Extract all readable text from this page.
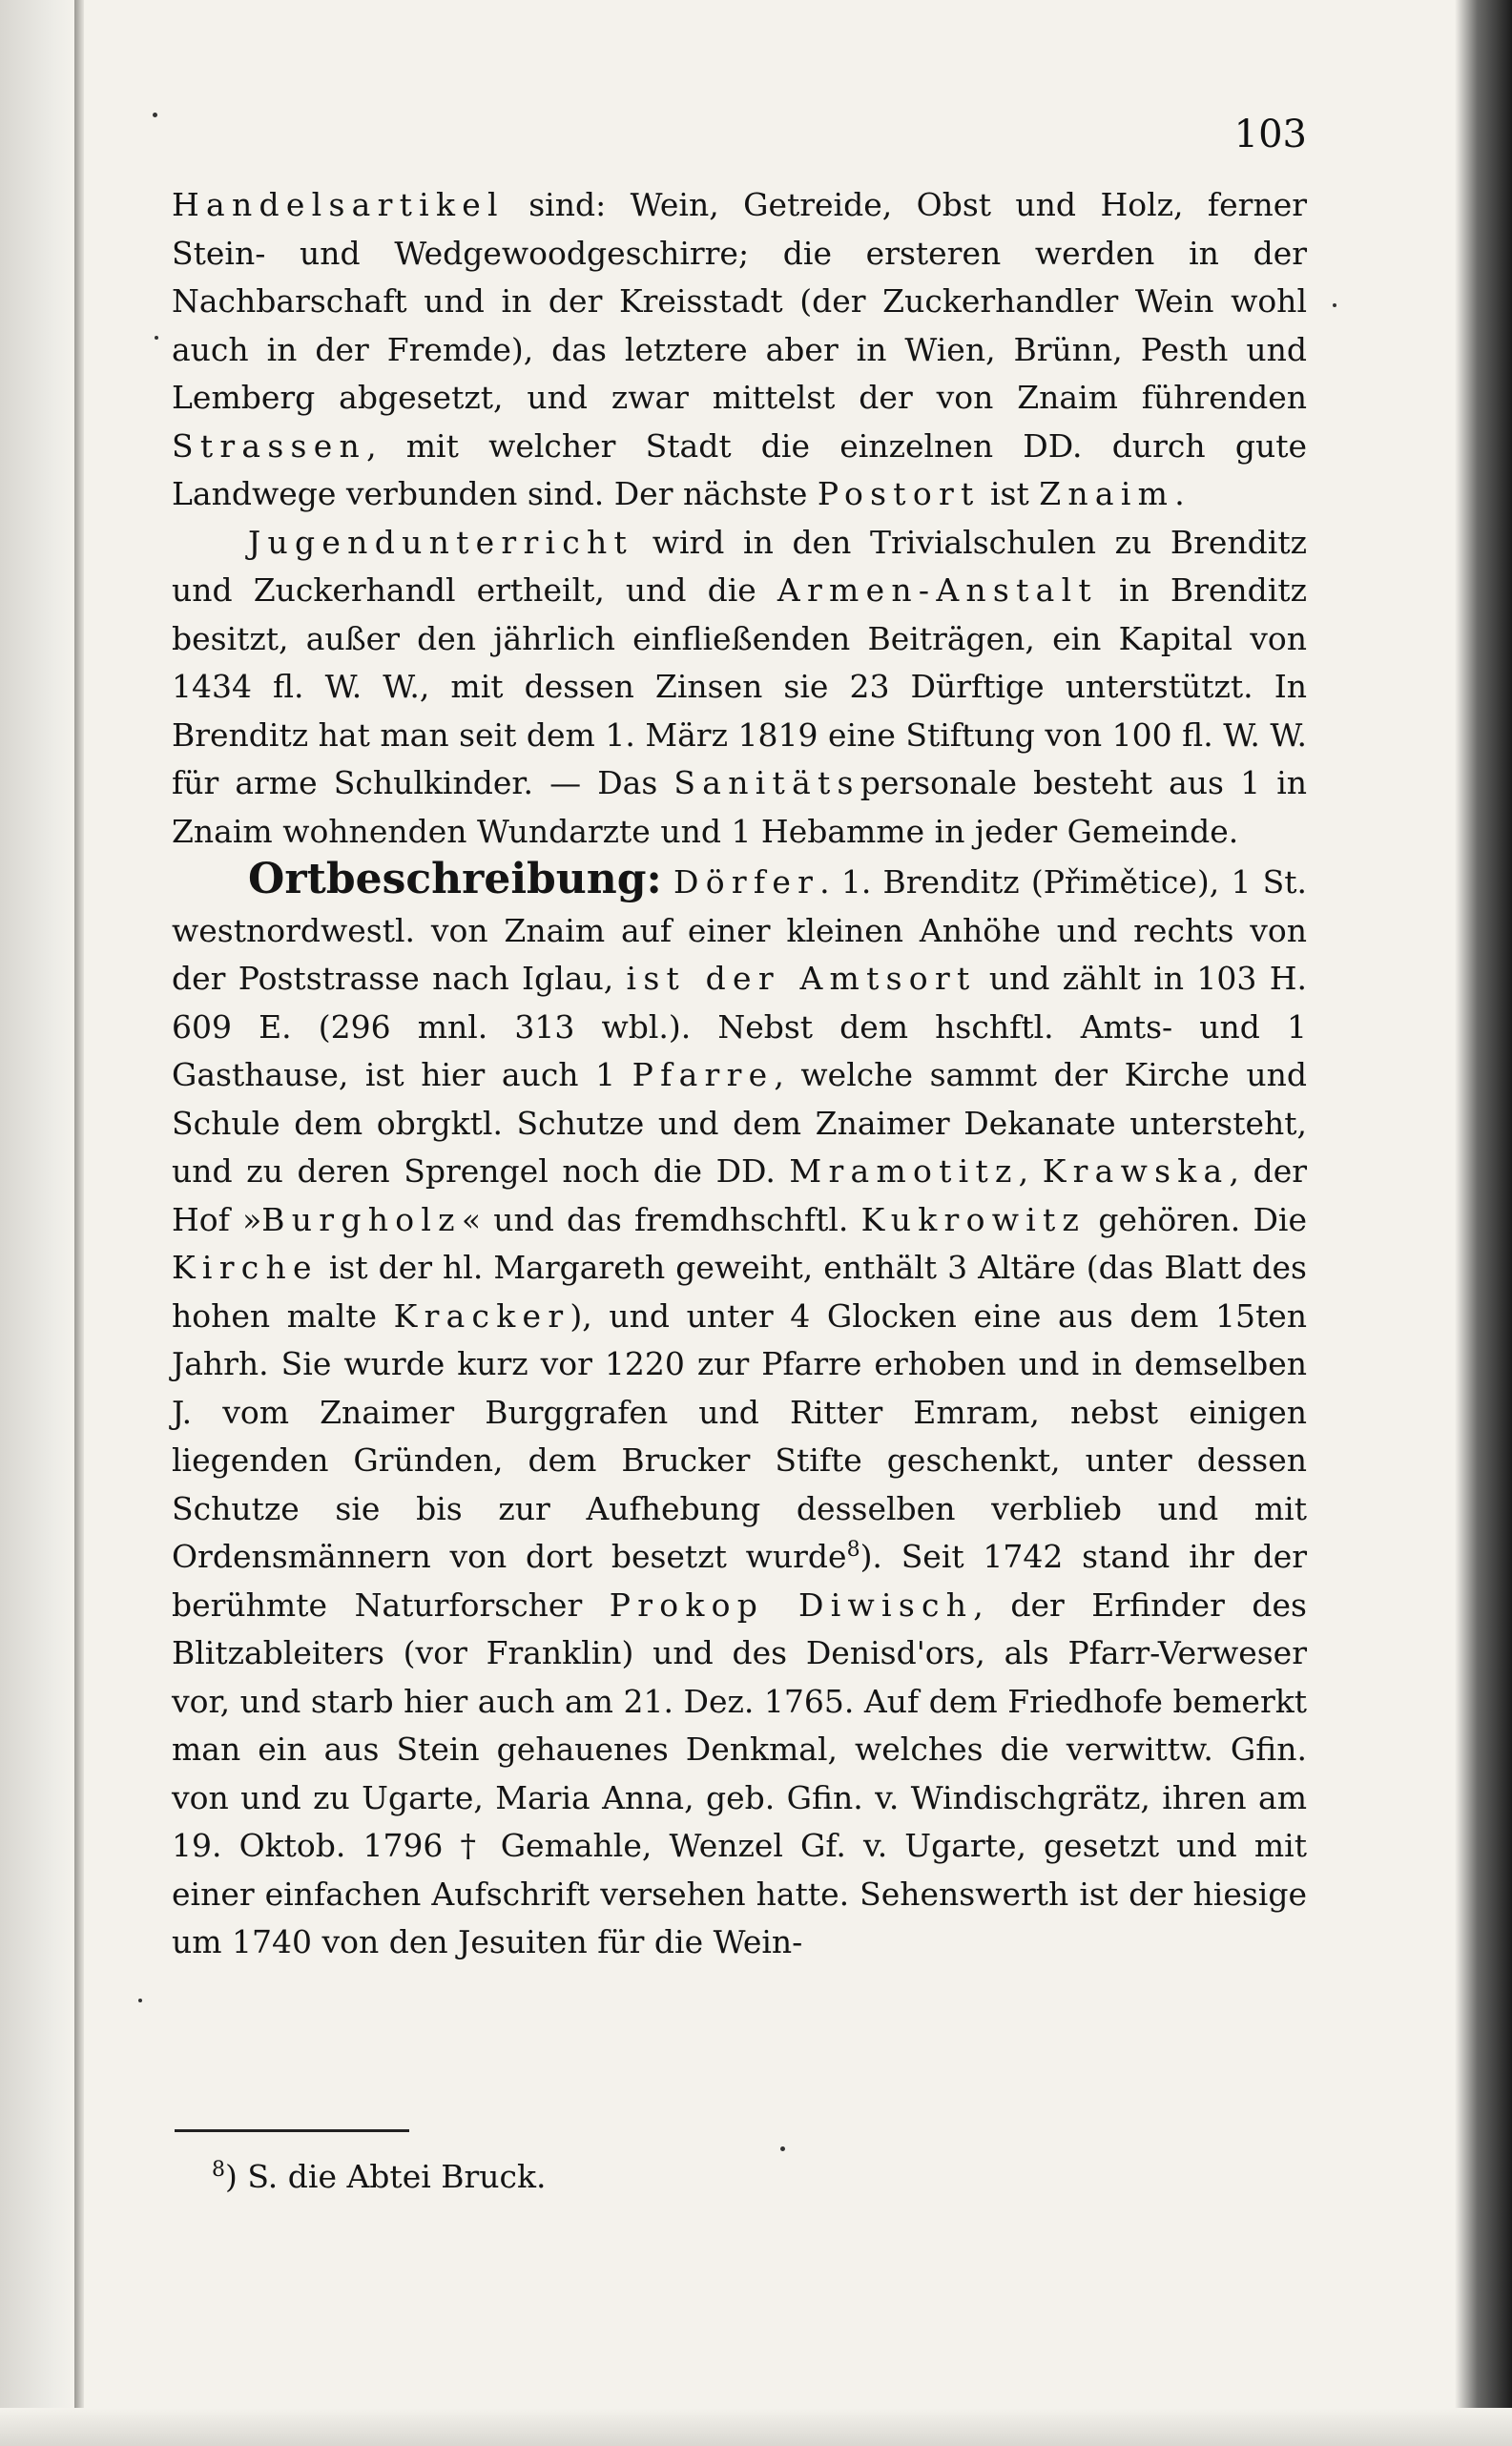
103

Handelsartikel sind: Wein, Getreide, Obst und Holz, ferner Stein- und Wedgewoodgeschirre; die ersteren werden in der Nachbarschaft und in der Kreisstadt (der Zuckerhandler Wein wohl auch in der Fremde), das letztere aber in Wien, Brünn, Pesth und Lemberg abgesetzt, und zwar mittelst der von Znaim führenden Strassen, mit welcher Stadt die einzelnen DD. durch gute Landwege verbunden sind. Der nächste Postort ist Znaim.

Jugendunterricht wird in den Trivialschulen zu Brenditz und Zuckerhandl ertheilt, und die Armen-Anstalt in Brenditz besitzt, außer den jährlich einfließenden Beiträgen, ein Kapital von 1434 fl. W. W., mit dessen Zinsen sie 23 Dürftige unterstützt. In Brenditz hat man seit dem 1. März 1819 eine Stiftung von 100 fl. W. W. für arme Schulkinder. — Das Sanitätspersonale besteht aus 1 in Znaim wohnenden Wundarzte und 1 Hebamme in jeder Gemeinde.

Ortbeschreibung: Dörfer. 1. Brenditz (Přimětice), 1 St. westnordwestl. von Znaim auf einer kleinen Anhöhe und rechts von der Poststrasse nach Iglau, ist der Amtsort und zählt in 103 H. 609 E. (296 mnl. 313 wbl.). Nebst dem hschftl. Amts- und 1 Gasthause, ist hier auch 1 Pfarre, welche sammt der Kirche und Schule dem obrgktl. Schutze und dem Znaimer Dekanate untersteht, und zu deren Sprengel noch die DD. Mramotitz, Krawska, der Hof »Burgholz« und das fremdhschftl. Kukrowitz gehören. Die Kirche ist der hl. Margareth geweiht, enthält 3 Altäre (das Blatt des hohen malte Kracker), und unter 4 Glocken eine aus dem 15ten Jahrh. Sie wurde kurz vor 1220 zur Pfarre erhoben und in demselben J. vom Znaimer Burggrafen und Ritter Emram, nebst einigen liegenden Gründen, dem Brucker Stifte geschenkt, unter dessen Schutze sie bis zur Aufhebung desselben verblieb und mit Ordensmännern von dort besetzt wurde$^8$). Seit 1742 stand ihr der berühmte Naturforscher Prokop Diwisch, der Erfinder des Blitzableiters (vor Franklin) und des Denisd'ors, als Pfarr-Verweser vor, und starb hier auch am 21. Dez. 1765. Auf dem Friedhofe bemerkt man ein aus Stein gehauenes Denkmal, welches die verwittw. Gfin. von und zu Ugarte, Maria Anna, geb. Gfin. v. Windischgrätz, ihren am 19. Oktob. 1796 † Gemahle, Wenzel Gf. v. Ugarte, gesetzt und mit einer einfachen Aufschrift versehen hatte. Sehenswerth ist der hiesige um 1740 von den Jesuiten für die Wein-

$^8$) S. die Abtei Bruck.
